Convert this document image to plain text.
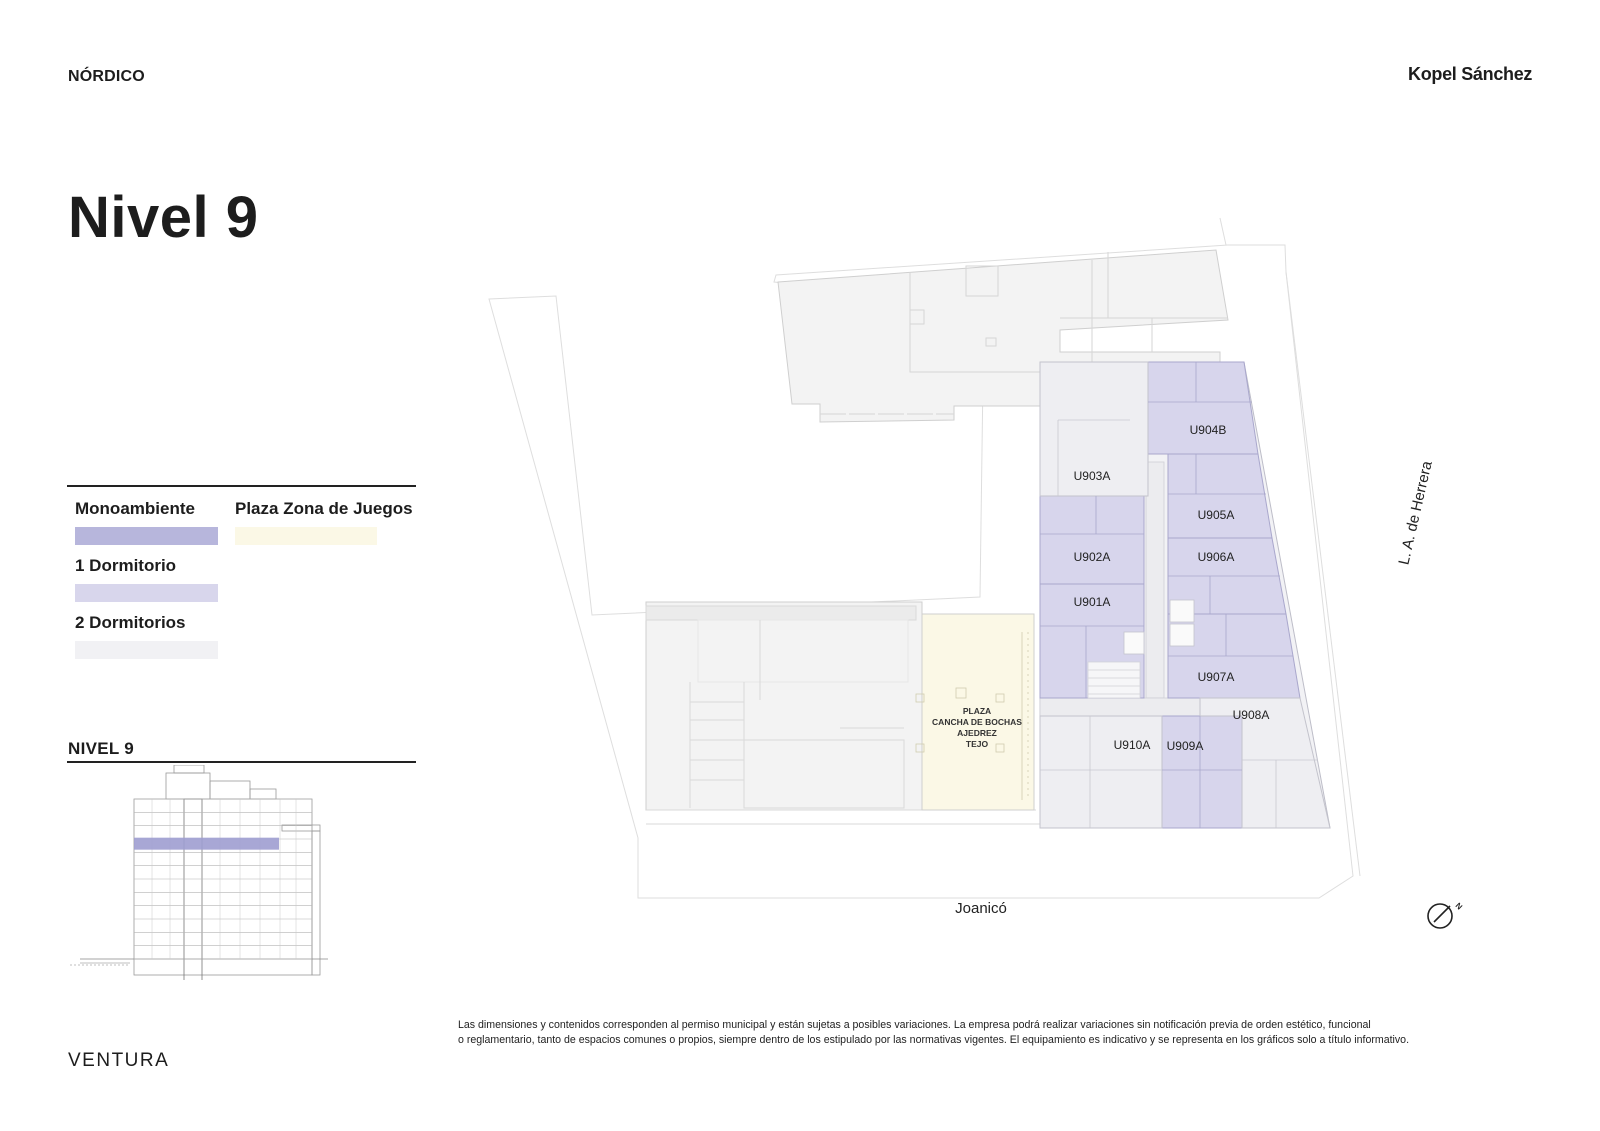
NÓRDICO	Kopel Sánchez
Nivel 9
Monoambiente Plaza Zona de Juegos
1 Dormitorio
2 Dormitorios
NIVEL 9
PLAZA
CANCHA DE BOCHAS
AJEDREZ
TEJO
U904B
U903A
U905A
U902A	U906A
U901A
U907A
U908A
U910A U909A
Joanicó
L. A. de Herrera
N
VENTURA
Las dimensiones y contenidos corresponden al permiso municipal y están sujetas a posibles variaciones. La empresa podrá realizar variaciones sin notificación previa de orden estético, funcional
o reglamentario, tanto de espacios comunes o propios, siempre dentro de los estipulado por las normativas vigentes. El equipamiento es indicativo y se representa en los gráficos solo a título informativo.
